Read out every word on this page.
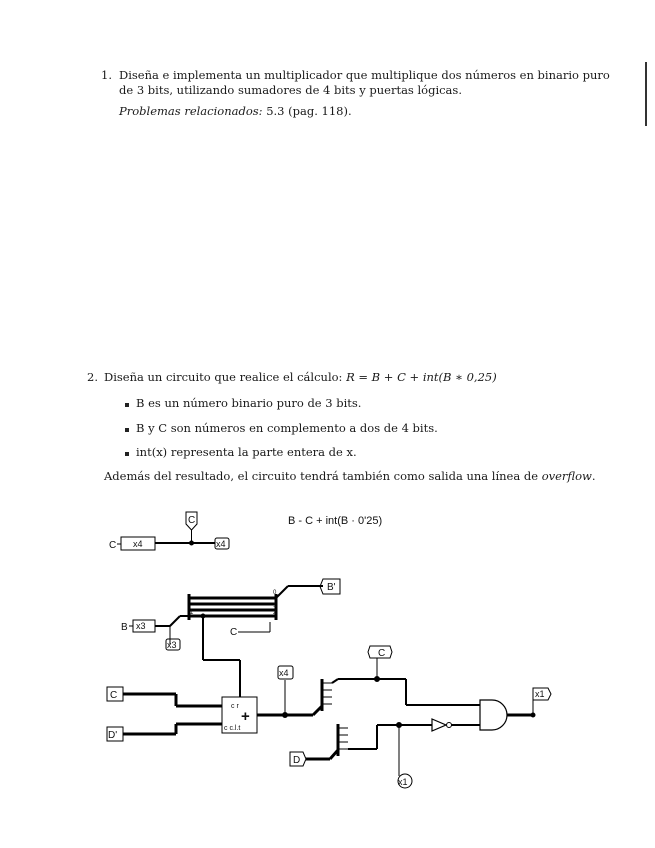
1. Diseña e implementa un multiplicador que multiplique dos números en binario puro

de 3 bits, utilizando sumadores de 4 bits y puertas lógicas.

Problemas relacionados: 5.3 (pag. 118).

2. Diseña un circuito que realice el cálculo: R = B + C + int(B ∗ 0,25)

B es un número binario puro de 3 bits.

B y C son números en complemento a dos de 4 bits.

int(x) representa la parte entera de x.

Además del resultado, el circuito tendrá también como salida una línea de overflow.

B - C + int(B · 0'25)
C x4
C
x4
B x3
x3
0
1
2
1
B'
C
C
D'
c r
+
c c.l.t
x4
C
D
x1
x1
